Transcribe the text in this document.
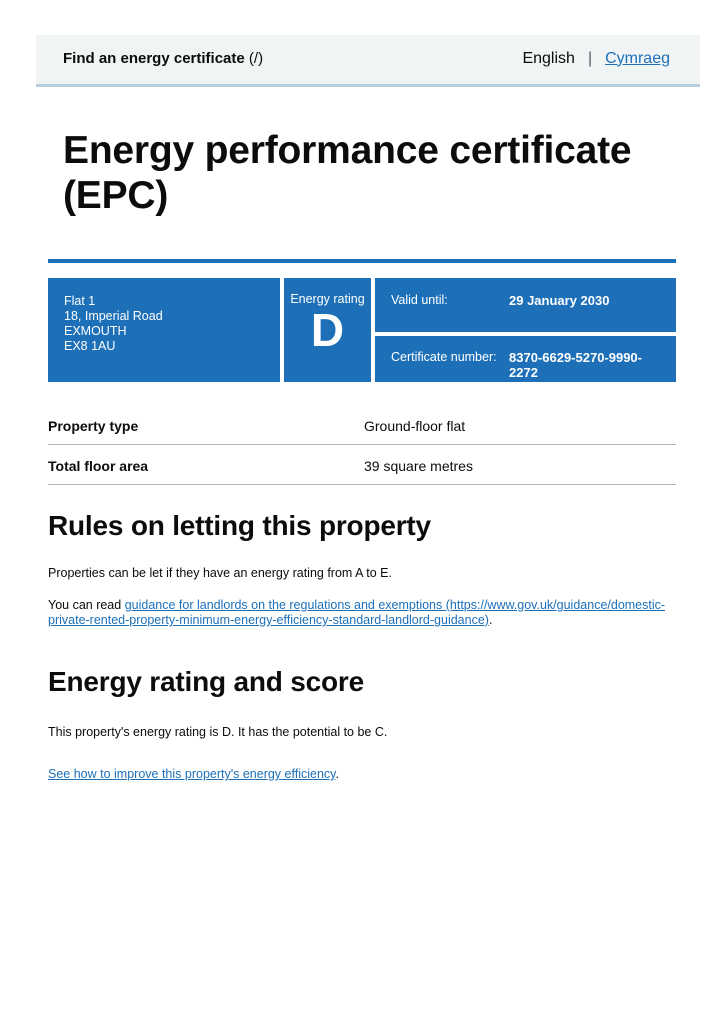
Find an energy certificate (/)	English | Cymraeg
Energy performance certificate
(EPC)
Flat 1
18, Imperial Road
EXMOUTH
EX8 1AU
Energy rating
D
Valid until:	29 January 2030
Certificate number: 8370-6629-5270-9990-2272
Property type	Ground-floor flat
Total floor area	39 square metres
Rules on letting this property

Properties can be let if they have an energy rating from A to E.

You can read guidance for landlords on the regulations and exemptions (https://www.gov.uk/guidance/domestic-private-rented-property-minimum-energy-efficiency-standard-landlord-guidance).

Energy rating and score

This property's energy rating is D. It has the potential to be C.

See how to improve this property's energy efficiency.
